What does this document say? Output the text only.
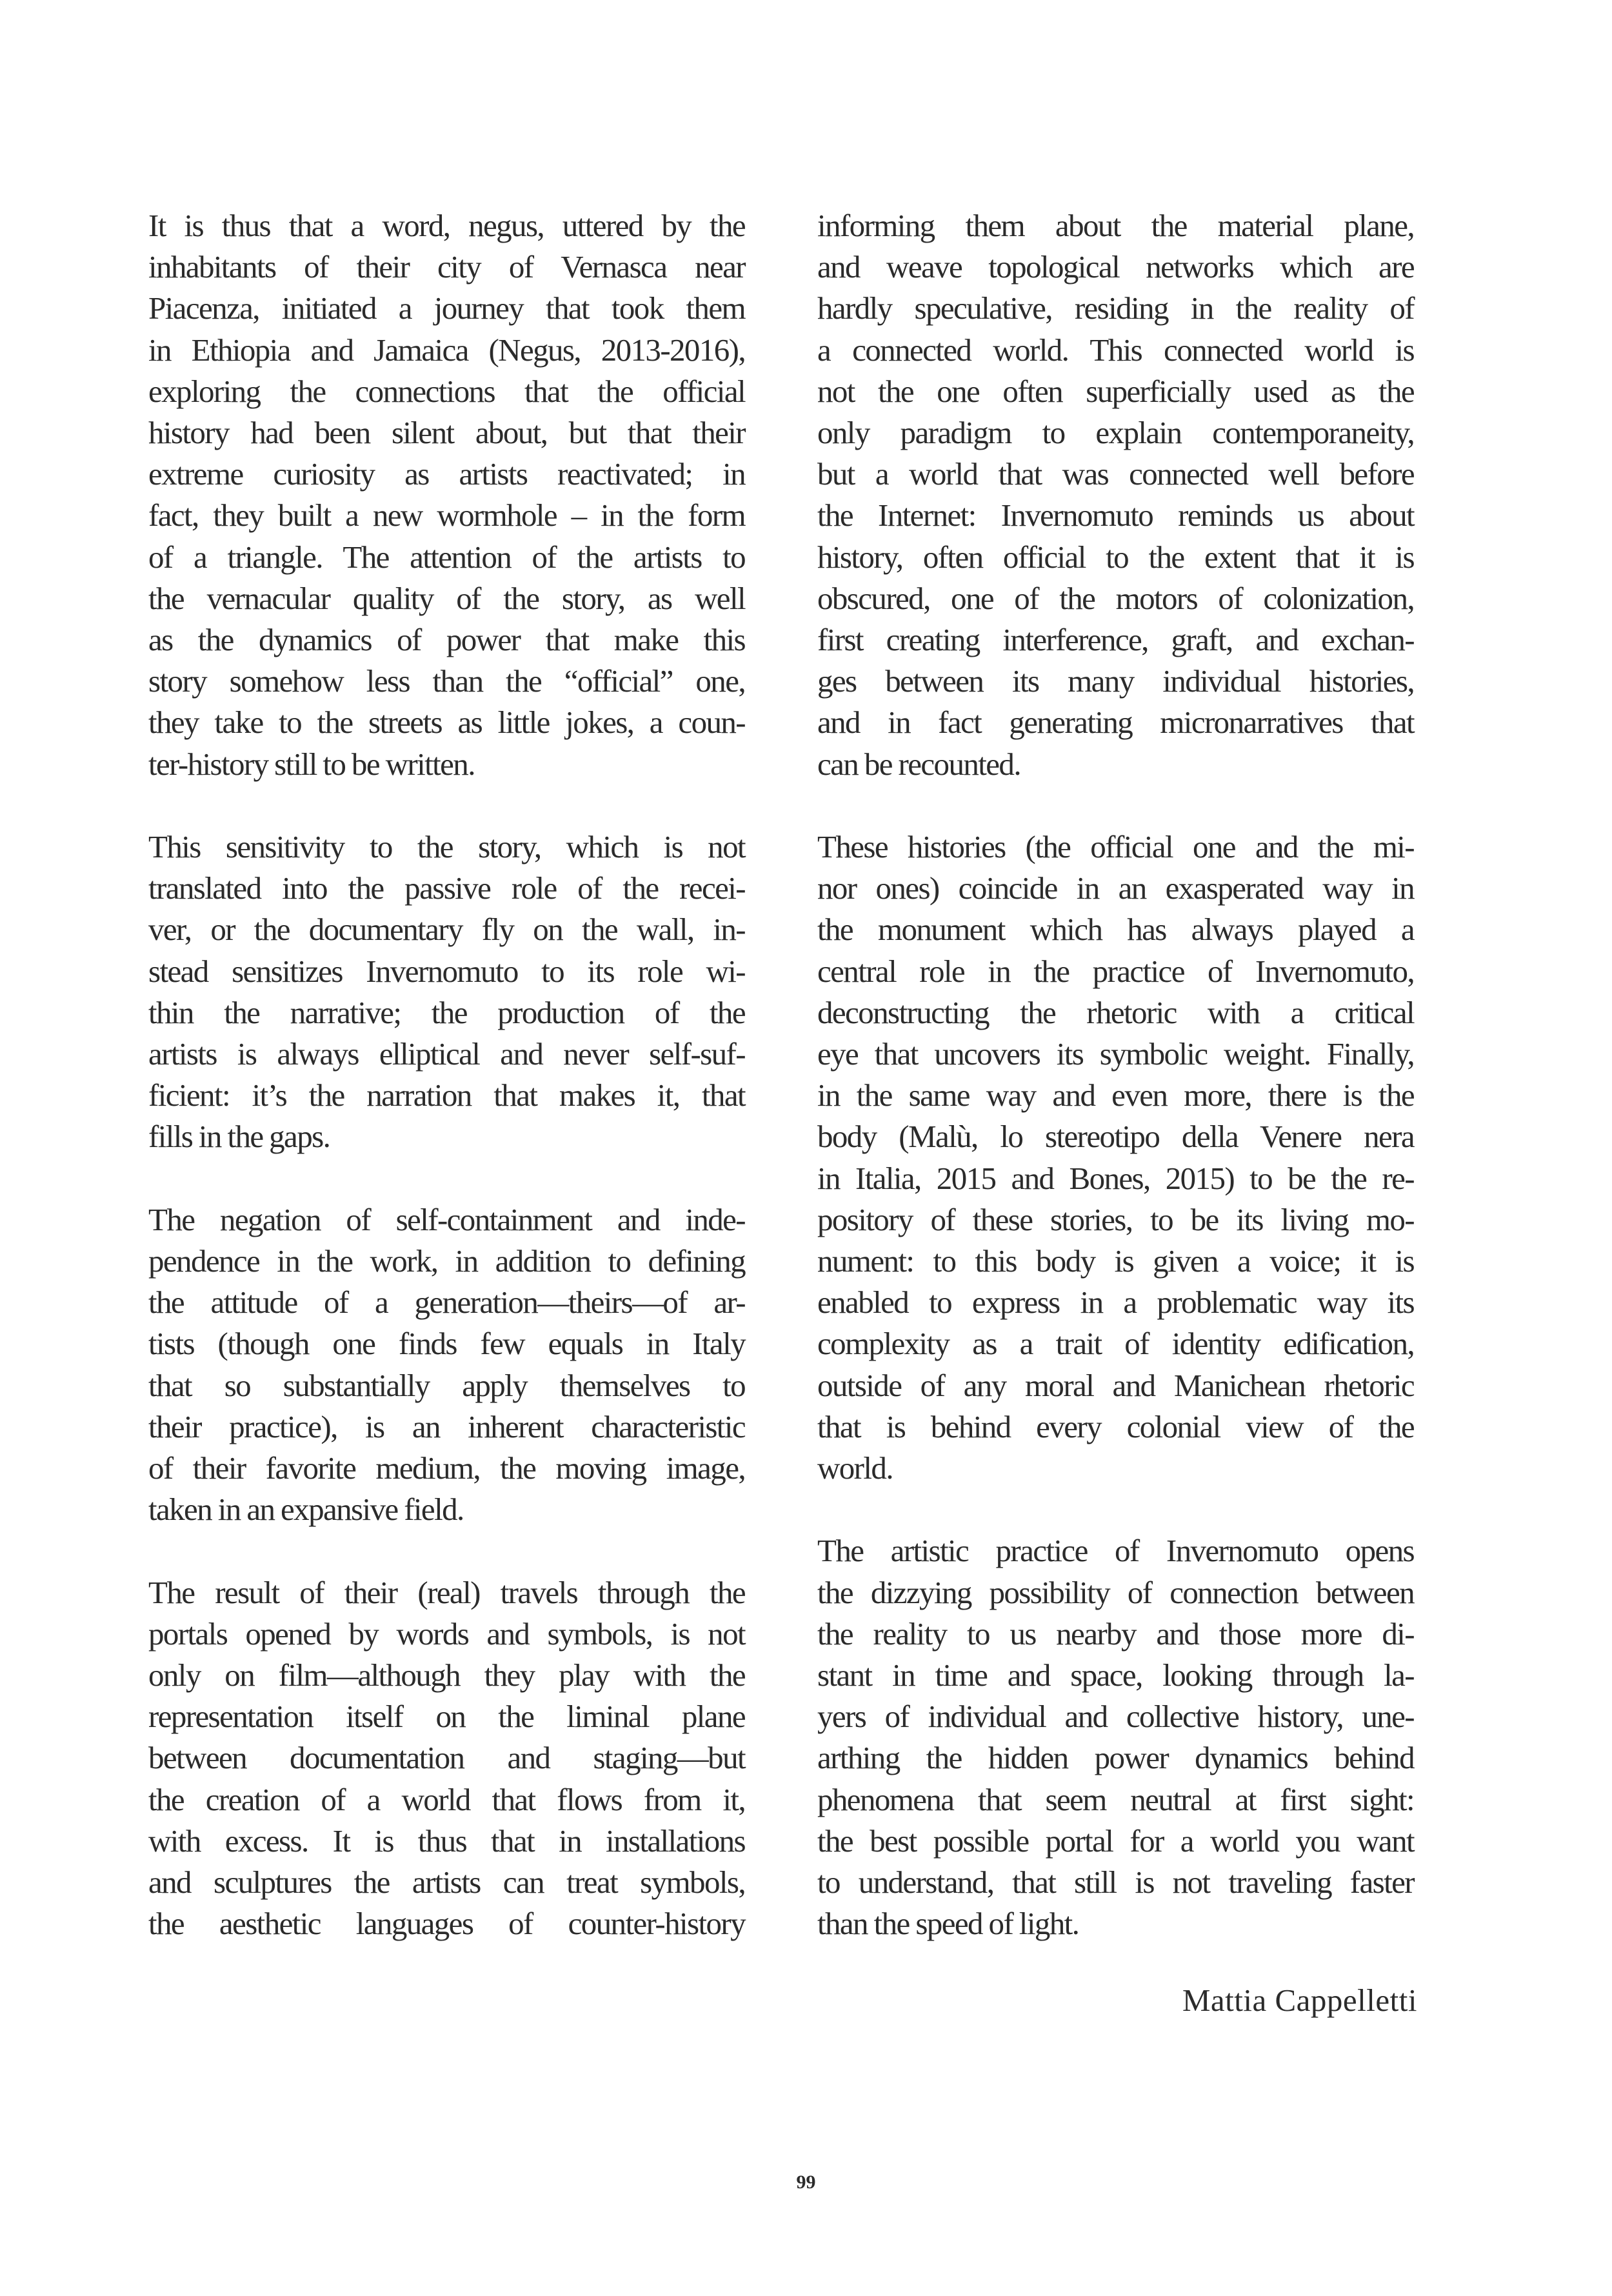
It is thus that a word, negus, uttered by the
inhabitants of their city of Vernasca near
Piacenza, initiated a journey that took them
in Ethiopia and Jamaica (Negus, 2013-2016),
exploring the connections that the official
history had been silent about, but that their
extreme curiosity as artists reactivated; in
fact, they built a new wormhole – in the form
of a triangle. The attention of the artists to
the vernacular quality of the story, as well
as the dynamics of power that make this
story somehow less than the “official” one,
they take to the streets as little jokes, a coun-
ter-history still to be written.
This sensitivity to the story, which is not
translated into the passive role of the recei-
ver, or the documentary fly on the wall, in-
stead sensitizes Invernomuto to its role wi-
thin the narrative; the production of the
artists is always elliptical and never self-suf-
ficient: it’s the narration that makes it, that
fills in the gaps.
The negation of self-containment and inde-
pendence in the work, in addition to defining
the attitude of a generation—theirs—of ar-
tists (though one finds few equals in Italy
that so substantially apply themselves to
their practice), is an inherent characteristic
of their favorite medium, the moving image,
taken in an expansive field.
The result of their (real) travels through the
portals opened by words and symbols, is not
only on film—although they play with the
representation itself on the liminal plane
between documentation and staging—but
the creation of a world that flows from it,
with excess. It is thus that in installations
and sculptures the artists can treat symbols,
the aesthetic languages of counter-history
informing them about the material plane,
and weave topological networks which are
hardly speculative, residing in the reality of
a connected world. This connected world is
not the one often superficially used as the
only paradigm to explain contemporaneity,
but a world that was connected well before
the Internet: Invernomuto reminds us about
history, often official to the extent that it is
obscured, one of the motors of colonization,
first creating interference, graft, and exchan-
ges between its many individual histories,
and in fact generating micronarratives that
can be recounted.
These histories (the official one and the mi-
nor ones) coincide in an exasperated way in
the monument which has always played a
central role in the practice of Invernomuto,
deconstructing the rhetoric with a critical
eye that uncovers its symbolic weight. Finally,
in the same way and even more, there is the
body (Malù, lo stereotipo della Venere nera
in Italia, 2015 and Bones, 2015) to be the re-
pository of these stories, to be its living mo-
nument: to this body is given a voice; it is
enabled to express in a problematic way its
complexity as a trait of identity edification,
outside of any moral and Manichean rhetoric
that is behind every colonial view of the
world.
The artistic practice of Invernomuto opens
the dizzying possibility of connection between
the reality to us nearby and those more di-
stant in time and space, looking through la-
yers of individual and collective history, une-
arthing the hidden power dynamics behind
phenomena that seem neutral at first sight:
the best possible portal for a world you want
to understand, that still is not traveling faster
than the speed of light.
Mattia Cappelletti
99
